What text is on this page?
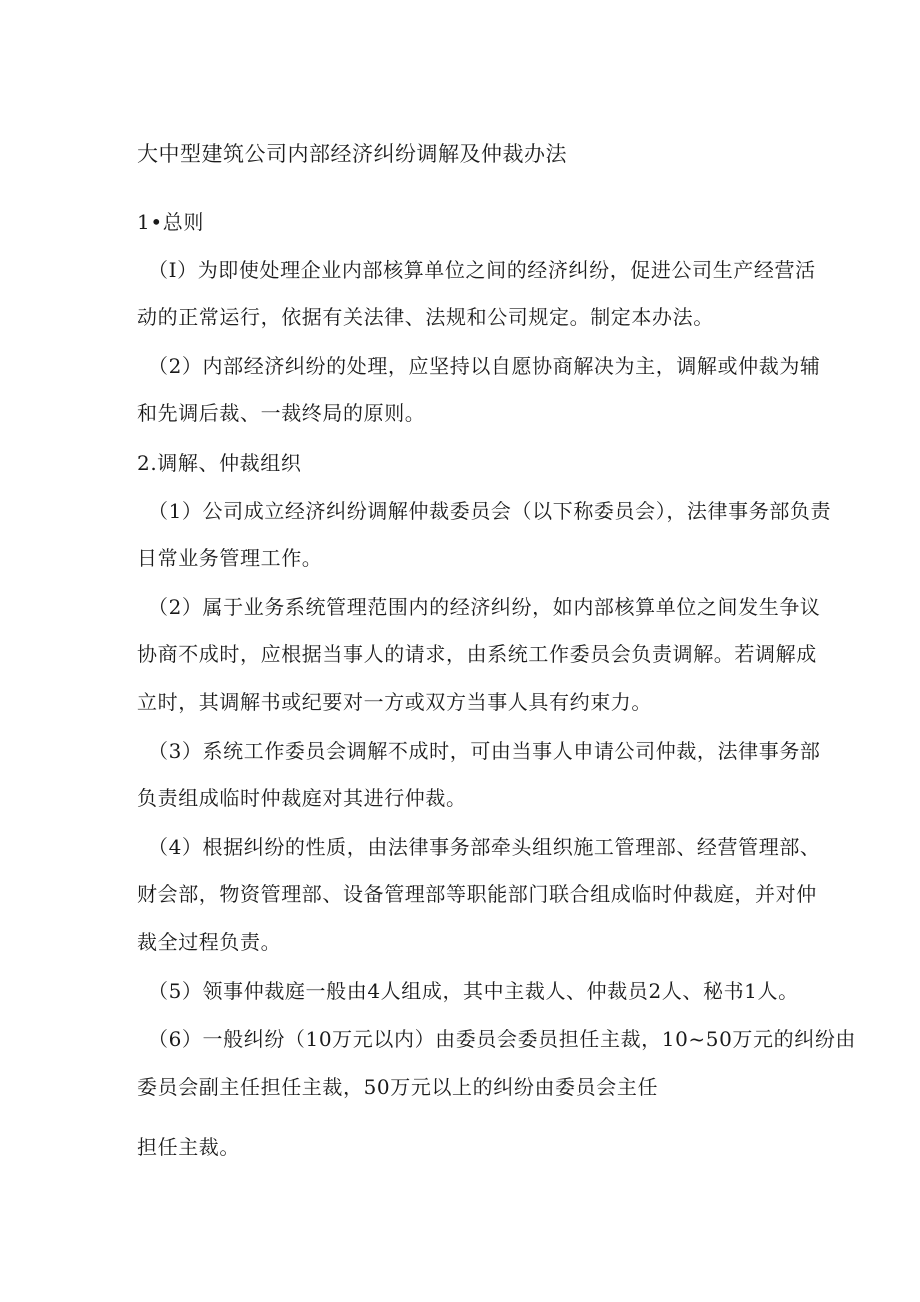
大中型建筑公司内部经济纠纷调解及仲裁办法
1•总则
（I）为即使处理企业内部核算单位之间的经济纠纷，促进公司生产经营活
动的正常运行，依据有关法律、法规和公司规定。制定本办法。
（2）内部经济纠纷的处理，应坚持以自愿协商解决为主，调解或仲裁为辅
和先调后裁、一裁终局的原则。
2.调解、仲裁组织
（1）公司成立经济纠纷调解仲裁委员会（以下称委员会），法律事务部负责
日常业务管理工作。
（2）属于业务系统管理范围内的经济纠纷，如内部核算单位之间发生争议
协商不成时，应根据当事人的请求，由系统工作委员会负责调解。若调解成
立时，其调解书或纪要对一方或双方当事人具有约束力。
（3）系统工作委员会调解不成时，可由当事人申请公司仲裁，法律事务部
负责组成临时仲裁庭对其进行仲裁。
（4）根据纠纷的性质，由法律事务部牵头组织施工管理部、经营管理部、
财会部，物资管理部、设备管理部等职能部门联合组成临时仲裁庭，并对仲
裁全过程负责。
（5）领事仲裁庭一般由4人组成，其中主裁人、仲裁员2人、秘书1人。
（6）一般纠纷（10万元以内）由委员会委员担任主裁，10~50万元的纠纷由
委员会副主任担任主裁，50万元以上的纠纷由委员会主任
担任主裁。
